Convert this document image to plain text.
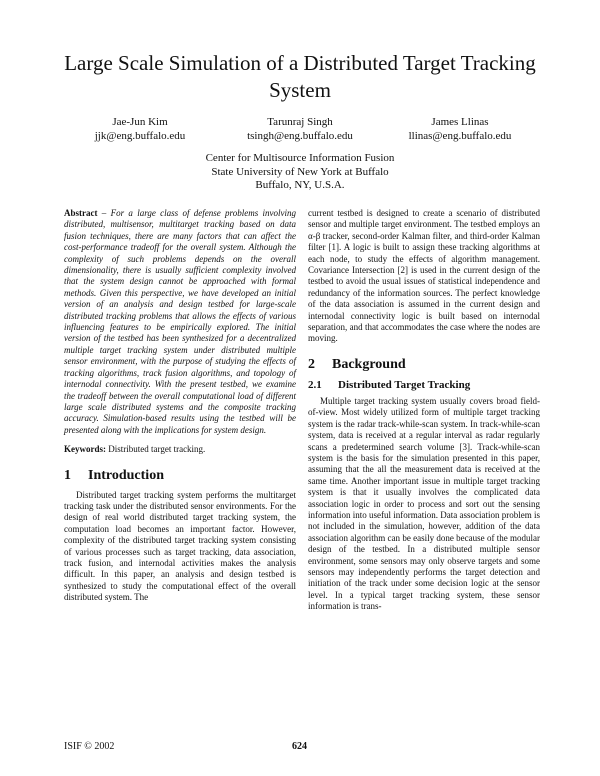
Large Scale Simulation of a Distributed Target Tracking System
Jae-Jun Kim
jjk@eng.buffalo.edu
Tarunraj Singh
tsingh@eng.buffalo.edu
James Llinas
llinas@eng.buffalo.edu
Center for Multisource Information Fusion
State University of New York at Buffalo
Buffalo, NY, U.S.A.
Abstract – For a large class of defense problems involving distributed, multisensor, multitarget tracking based on data fusion techniques, there are many factors that can affect the cost-performance tradeoff for the overall system. Although the complexity of such problems depends on the overall dimensionality, there is usually sufficient complexity involved that the system design cannot be approached with formal methods. Given this perspective, we have developed an initial version of an analysis and design testbed for large-scale distributed tracking problems that allows the effects of various influencing features to be empirically explored. The initial version of the testbed has been synthesized for a decentralized multiple target tracking system under distributed multiple sensor environment, with the purpose of studying the effects of tracking algorithms, track fusion algorithms, and topology of internodal connectivity. With the present testbed, we examine the tradeoff between the overall computational load of different large scale distributed systems and the composite tracking accuracy. Simulation-based results using the testbed will be presented along with the implications for system design.
Keywords: Distributed target tracking.
1 Introduction

Distributed target tracking system performs the multitarget tracking task under the distributed sensor environments. For the design of real world distributed target tracking system, the computation load becomes an important factor. However, complexity of the distributed target tracking system consisting of various processes such as target tracking, data association, track fusion, and internodal activities makes the analysis difficult. In this paper, an analysis and design testbed is synthesized to study the computational effect of the overall distributed system. The

current testbed is designed to create a scenario of distributed sensor and multiple target environment. The testbed employs an α-β tracker, second-order Kalman filter, and third-order Kalman filter [1]. A logic is built to assign these tracking algorithms at each node, to study the effects of algorithm management. Covariance Intersection [2] is used in the current design of the testbed to avoid the usual issues of statistical independence and redundancy of the information sources. The perfect knowledge of the data association is assumed in the current design and internodal connectivity logic is built based on internodal separation, and that accommodates the case where the nodes are moving.

2 Background
2.1 Distributed Target Tracking

Multiple target tracking system usually covers broad field-of-view. Most widely utilized form of multiple target tracking system is the radar track-while-scan system. In track-while-scan system, data is received at a regular interval as radar regularly scans a predetermined search volume [3]. Track-while-scan system is the basis for the simulation presented in this paper, assuming that the all the measurement data is received at the same time. Another important issue in multiple target tracking system is that it usually involves the complicated data association logic in order to process and sort out the sensing information into useful information. Data association problem is not included in the simulation, however, addition of the data association algorithm can be easily done because of the modular design of the testbed. In a distributed multiple sensor environment, some sensors may only observe targets and some sensors may independently performs the target detection and initiation of the track under some decision logic at the sensor level. In a typical target tracking system, these sensor information is trans-

ISIF © 2002	624
